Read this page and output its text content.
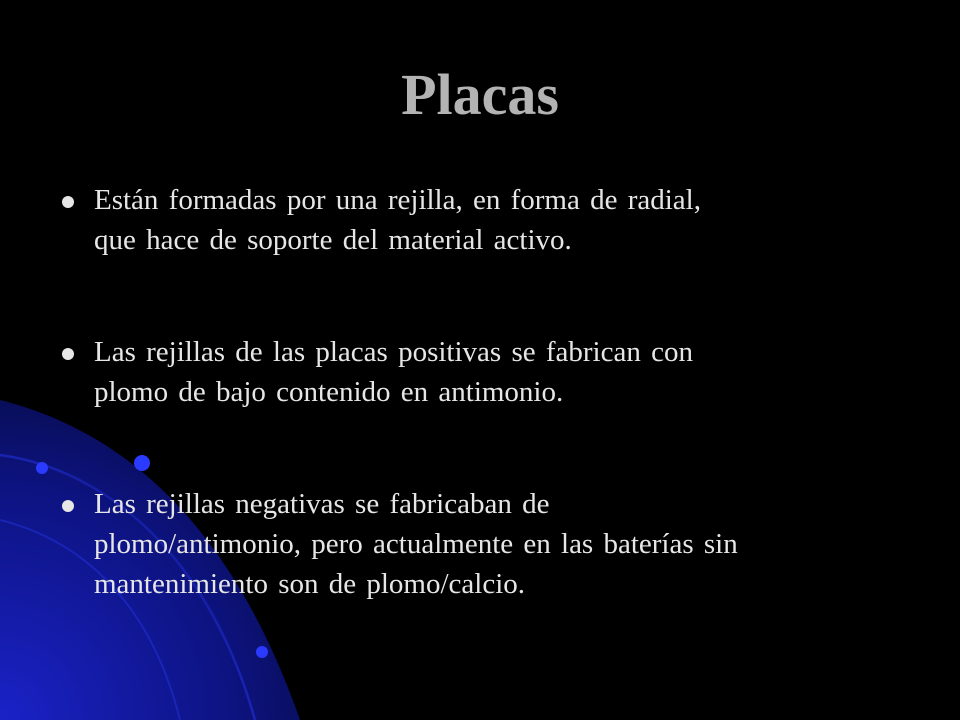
Placas
Están formadas por una rejilla, en forma de radial,
que hace de soporte del material activo.
Las rejillas de las placas positivas se fabrican con
plomo de bajo contenido en antimonio.
Las rejillas negativas se fabricaban de
plomo/antimonio, pero actualmente en las baterías sin
mantenimiento son de plomo/calcio.
